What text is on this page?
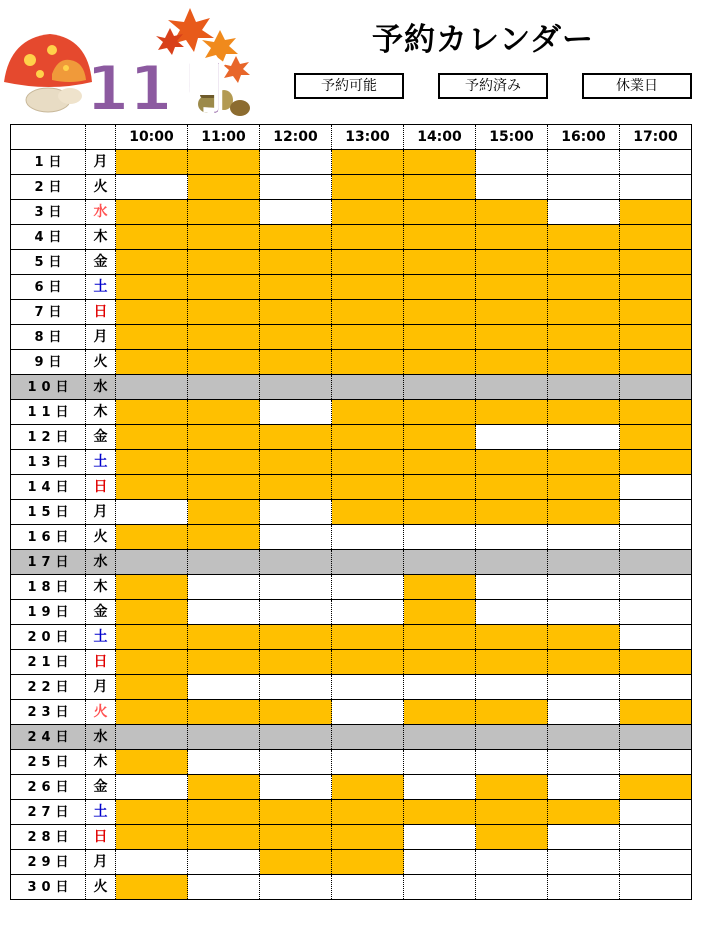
11月
予約カレンダー
予約可能	予約済み	休業日
		10:00	11:00	12:00	13:00	14:00	15:00	16:00	17:00
1日	月								
2日	火								
3日	水								
4日	木								
5日	金								
6日	土								
7日	日								
8日	月								
9日	火								
10日	水								
11日	木								
12日	金								
13日	土								
14日	日								
15日	月								
16日	火								
17日	水								
18日	木								
19日	金								
20日	土								
21日	日								
22日	月								
23日	火								
24日	水								
25日	木								
26日	金								
27日	土								
28日	日								
29日	月								
30日	火								
